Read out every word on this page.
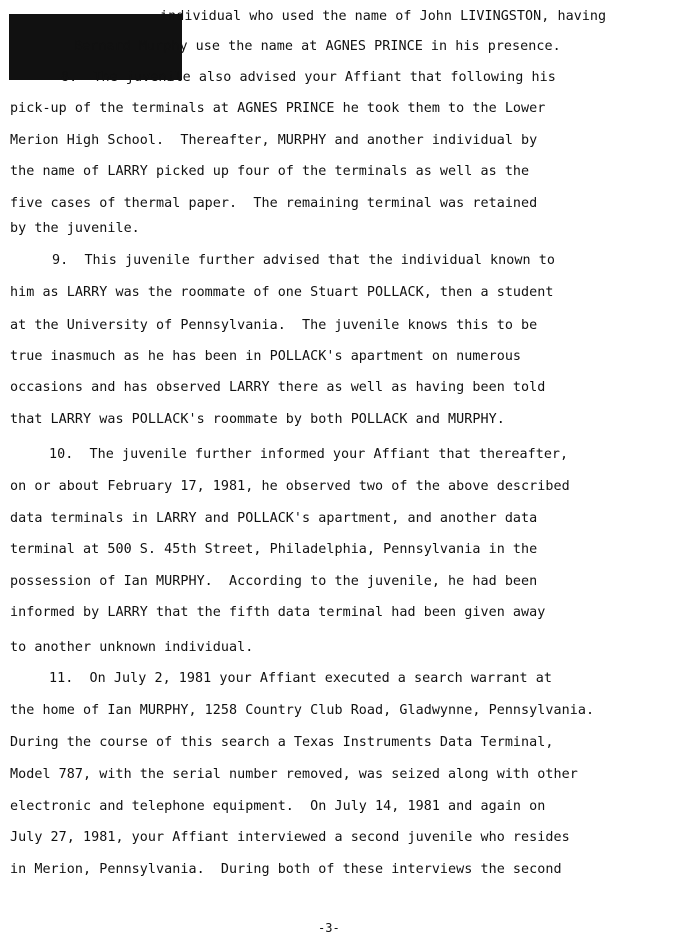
individual who used the name of John LIVINGSTON, having
Bernard Murphy use the name at AGNES PRINCE in his presence.
8.  The juvenile also advised your Affiant that following his
pick-up of the terminals at AGNES PRINCE he took them to the Lower
Merion High School.  Thereafter, MURPHY and another individual by
the name of LARRY picked up four of the terminals as well as the
five cases of thermal paper.  The remaining terminal was retained
by the juvenile.
9.  This juvenile further advised that the individual known to
him as LARRY was the roommate of one Stuart POLLACK, then a student
at the University of Pennsylvania.  The juvenile knows this to be
true inasmuch as he has been in POLLACK's apartment on numerous
occasions and has observed LARRY there as well as having been told
that LARRY was POLLACK's roommate by both POLLACK and MURPHY.
10.  The juvenile further informed your Affiant that thereafter,
on or about February 17, 1981, he observed two of the above described
data terminals in LARRY and POLLACK's apartment, and another data
terminal at 500 S. 45th Street, Philadelphia, Pennsylvania in the
possession of Ian MURPHY.  According to the juvenile, he had been
informed by LARRY that the fifth data terminal had been given away
to another unknown individual.
11.  On July 2, 1981 your Affiant executed a search warrant at
the home of Ian MURPHY, 1258 Country Club Road, Gladwynne, Pennsylvania.
During the course of this search a Texas Instruments Data Terminal,
Model 787, with the serial number removed, was seized along with other
electronic and telephone equipment.  On July 14, 1981 and again on
July 27, 1981, your Affiant interviewed a second juvenile who resides
in Merion, Pennsylvania.  During both of these interviews the second
-3-
